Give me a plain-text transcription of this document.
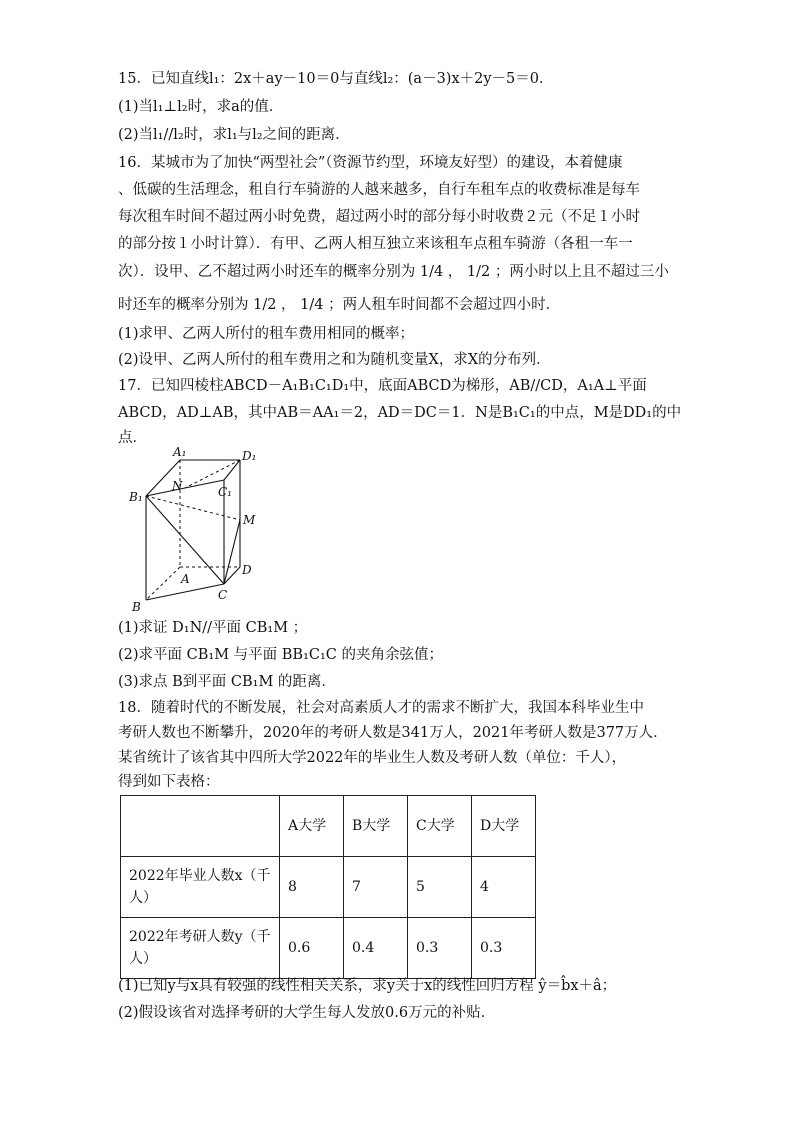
15．已知直线l₁：2x＋ay－10＝0与直线l₂：(a－3)x＋2y－5＝0．
(1)当l₁⊥l₂时，求a的值．
(2)当l₁//l₂时，求l₁与l₂之间的距离．
16．某城市为了加快“两型社会”（资源节约型，环境友好型）的建设，本着健康
、低碳的生活理念，租自行车骑游的人越来越多，自行车租车点的收费标准是每车
每次租车时间不超过两小时免费，超过两小时的部分每小时收费２元（不足１小时
的部分按１小时计算）．有甲、乙两人相互独立来该租车点租车骑游（各租一车一
次）．设甲、乙不超过两小时还车的概率分别为 1/4 ， 1/2 ；两小时以上且不超过三小
时还车的概率分别为 1/2 ， 1/4 ；两人租车时间都不会超过四小时．
(1)求甲、乙两人所付的租车费用相同的概率；
(2)设甲、乙两人所付的租车费用之和为随机变量X，求X的分布列．
17．已知四棱柱ABCD－A₁B₁C₁D₁中，底面ABCD为梯形，AB//CD，A₁A⊥平面
ABCD，AD⊥AB，其中AB＝AA₁＝2，AD＝DC＝1．N是B₁C₁的中点，M是DD₁的中
点．
A₁	D₁
N	C₁
B₁
M
A
D
C
B
(1)求证 D₁N//平面 CB₁M ；
(2)求平面 CB₁M 与平面 BB₁C₁C 的夹角余弦值；
(3)求点 B到平面 CB₁M 的距离．
18．随着时代的不断发展，社会对高素质人才的需求不断扩大，我国本科毕业生中
考研人数也不断攀升，2020年的考研人数是341万人，2021年考研人数是377万人．
某省统计了该省其中四所大学2022年的毕业生人数及考研人数（单位：千人），
得到如下表格：
	A大学	B大学	C大学	D大学
2022年毕业人数x（千人）	8	7	5	4
2022年考研人数y（千人）	0.6	0.4	0.3	0.3
(1)已知y与x具有较强的线性相关关系，求y关于x的线性回归方程 ŷ＝b̂x＋â；
(2)假设该省对选择考研的大学生每人发放0.6万元的补贴．
